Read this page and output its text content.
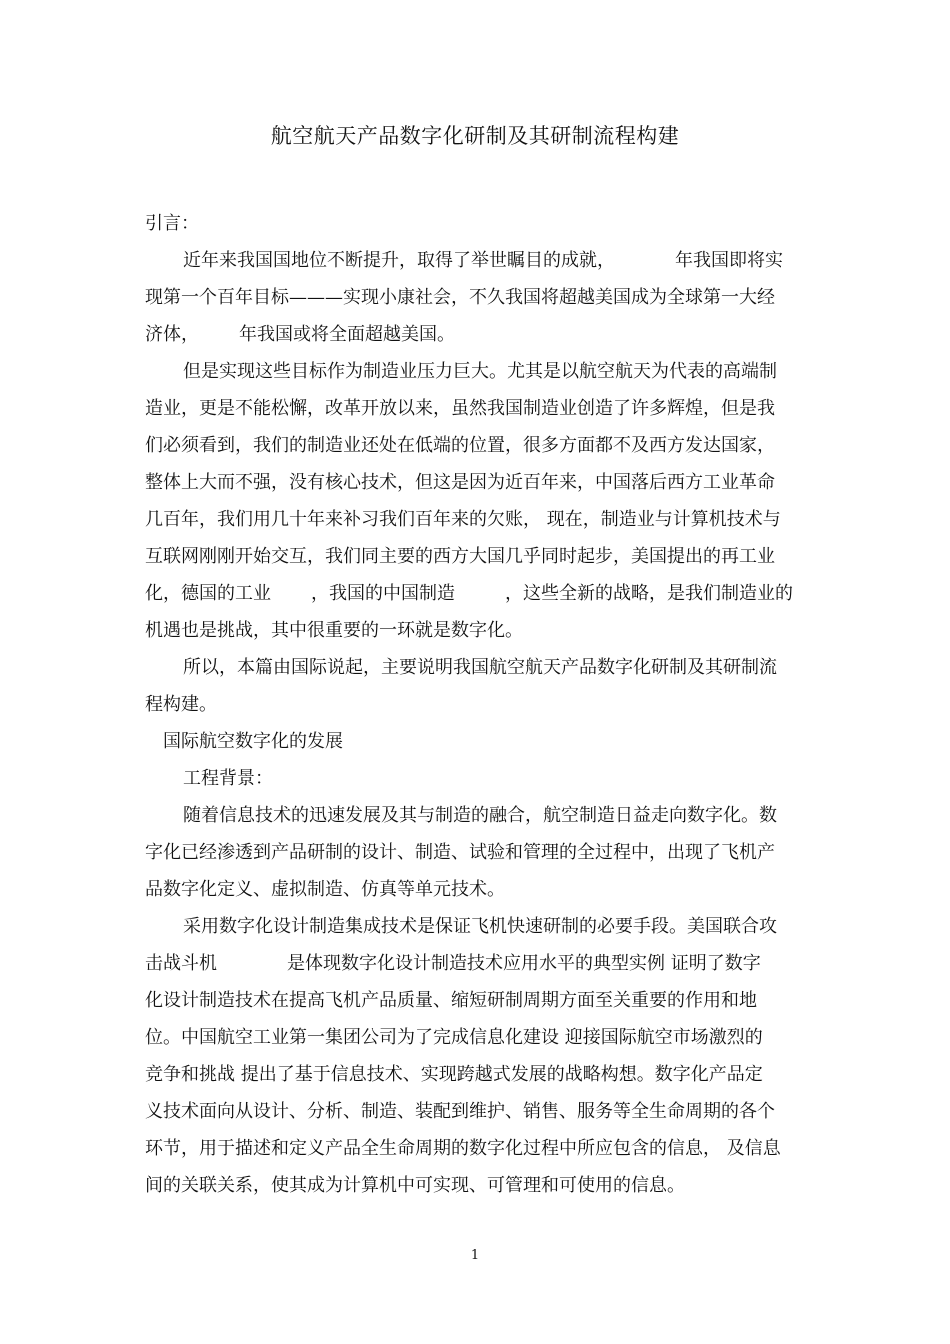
航空航天产品数字化研制及其研制流程构建
引言：
近年来我国国地位不断提升，取得了举世瞩目的成就，	年我国即将实
现第一个百年目标———实现小康社会，不久我国将超越美国成为全球第一大经
济体， 年我国或将全面超越美国。
但是实现这些目标作为制造业压力巨大。尤其是以航空航天为代表的高端制
造业，更是不能松懈，改革开放以来，虽然我国制造业创造了许多辉煌，但是我
们必须看到，我们的制造业还处在低端的位置，很多方面都不及西方发达国家，
整体上大而不强，没有核心技术，但这是因为近百年来，中国落后西方工业革命
几百年，我们用几十年来补习我们百年来的欠账， 现在，制造业与计算机技术与
互联网刚刚开始交互，我们同主要的西方大国几乎同时起步，美国提出的再工业
化，德国的工业 ，我国的中国制造	，这些全新的战略，是我们制造业的
机遇也是挑战，其中很重要的一环就是数字化。
所以，本篇由国际说起，主要说明我国航空航天产品数字化研制及其研制流
程构建。
国际航空数字化的发展
工程背景：
随着信息技术的迅速发展及其与制造的融合，航空制造日益走向数字化。数
字化已经渗透到产品研制的设计、制造、试验和管理的全过程中，出现了飞机产
品数字化定义、虚拟制造、仿真等单元技术。
采用数字化设计制造集成技术是保证飞机快速研制的必要手段。美国联合攻
击战斗机	是体现数字化设计制造技术应用水平的典型实例 证明了数字
化设计制造技术在提高飞机产品质量、缩短研制周期方面至关重要的作用和地
位。中国航空工业第一集团公司为了完成信息化建设 迎接国际航空市场激烈的
竞争和挑战 提出了基于信息技术、实现跨越式发展的战略构想。数字化产品定
义技术面向从设计、分析、制造、装配到维护、销售、服务等全生命周期的各个
环节，用于描述和定义产品全生命周期的数字化过程中所应包含的信息， 及信息
间的关联关系，使其成为计算机中可实现、可管理和可使用的信息。
1
